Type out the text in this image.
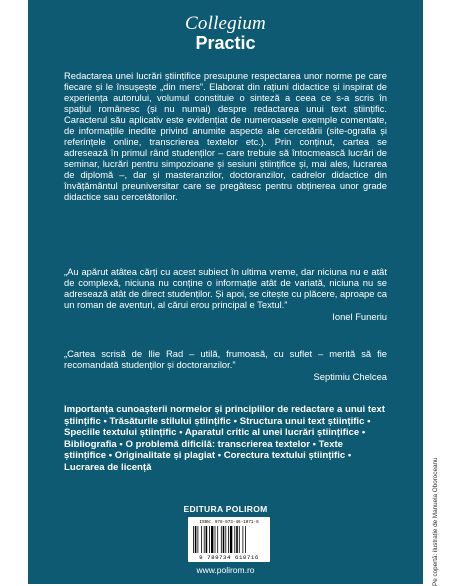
Collegium
Practic
Redactarea unei lucrări științifice presupune respectarea unor norme pe care fiecare și le însușește „din mers”. Elaborat din rațiuni didactice și inspirat de experiența autorului, volumul constituie o sinteză a ceea ce s-a scris în spațiul românesc (și nu numai) despre redactarea unui text științific. Caracterul său aplicativ este evidențiat de numeroasele exemple comentate, de informațiile inedite privind anumite aspecte ale cercetării (site-ografia și referințele online, transcrierea textelor etc.). Prin conținut, cartea se adresează în primul rând studenților – care trebuie să întocmească lucrări de seminar, lucrări pentru simpozioane și sesiuni științifice și, mai ales, lucrarea de diplomă –, dar și masteranzilor, doctoranzilor, cadrelor didactice din învățământul preuniversitar care se pregătesc pentru obținerea unor grade didactice sau cercetătorilor.
„Au apărut atâtea cărți cu acest subiect în ultima vreme, dar niciuna nu e atât de complexă, niciuna nu conține o informație atât de variată, niciuna nu se adresează atât de direct studenților. Și apoi, se citește cu plăcere, aproape ca un roman de aventuri, al cărui erou principal e Textul.”
Ionel Funeriu
„Cartea scrisă de Ilie Rad – utilă, frumoasă, cu suflet – merită să fie recomandată studenților și doctoranzilor.”
Septimiu Chelcea
Importanța cunoașterii normelor și principiilor de redactare a unui text științific • Trăsăturile stilului științific • Structura unui text științific • Speciile textului științific • Aparatul critic al unei lucrări științifice • Bibliografia • O problemă dificilă: transcrierea textelor • Texte științifice • Originalitate și plagiat • Corectura textului științific • Lucrarea de licență
EDITURA POLIROM
ISBN: 978-973-46-1071-6
9 789734 610716
www.polirom.ro	Pe copertă: ilustrație de Manuela Oboroceanu
